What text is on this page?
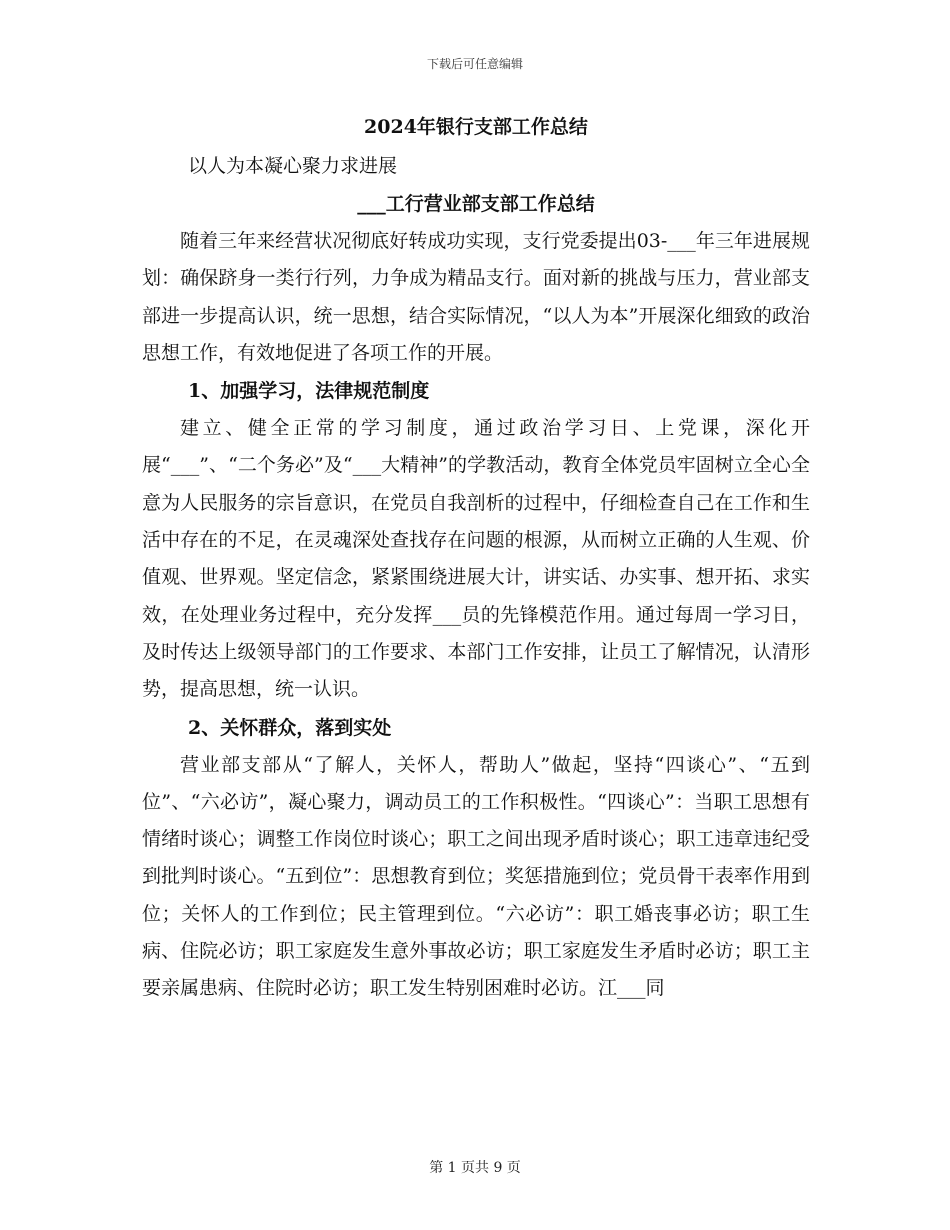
下载后可任意编辑
2024年银行支部工作总结
以人为本凝心聚力求进展
___工行营业部支部工作总结

随着三年来经营状况彻底好转成功实现，支行党委提出03-___年三年进展规划：确保跻身一类行行列，力争成为精品支行。面对新的挑战与压力，营业部支部进一步提高认识，统一思想，结合实际情况，“以人为本”开展深化细致的政治思想工作，有效地促进了各项工作的开展。

1、加强学习，法律规范制度

建立、健全正常的学习制度，通过政治学习日、上党课，深化开展“___”、“二个务必”及“___大精神”的学教活动，教育全体党员牢固树立全心全意为人民服务的宗旨意识，在党员自我剖析的过程中，仔细检查自己在工作和生活中存在的不足，在灵魂深处查找存在问题的根源，从而树立正确的人生观、价值观、世界观。坚定信念，紧紧围绕进展大计，讲实话、办实事、想开拓、求实效，在处理业务过程中，充分发挥___员的先锋模范作用。通过每周一学习日，及时传达上级领导部门的工作要求、本部门工作安排，让员工了解情况，认清形势，提高思想，统一认识。

2、关怀群众，落到实处

营业部支部从“了解人，关怀人，帮助人”做起，坚持“四谈心”、“五到位”、“六必访”，凝心聚力，调动员工的工作积极性。“四谈心”：当职工思想有情绪时谈心；调整工作岗位时谈心；职工之间出现矛盾时谈心；职工违章违纪受到批判时谈心。“五到位”：思想教育到位；奖惩措施到位；党员骨干表率作用到位；关怀人的工作到位；民主管理到位。“六必访”：职工婚丧事必访；职工生病、住院必访；职工家庭发生意外事故必访；职工家庭发生矛盾时必访；职工主要亲属患病、住院时必访；职工发生特别困难时必访。江___同

第 1 页共 9 页
